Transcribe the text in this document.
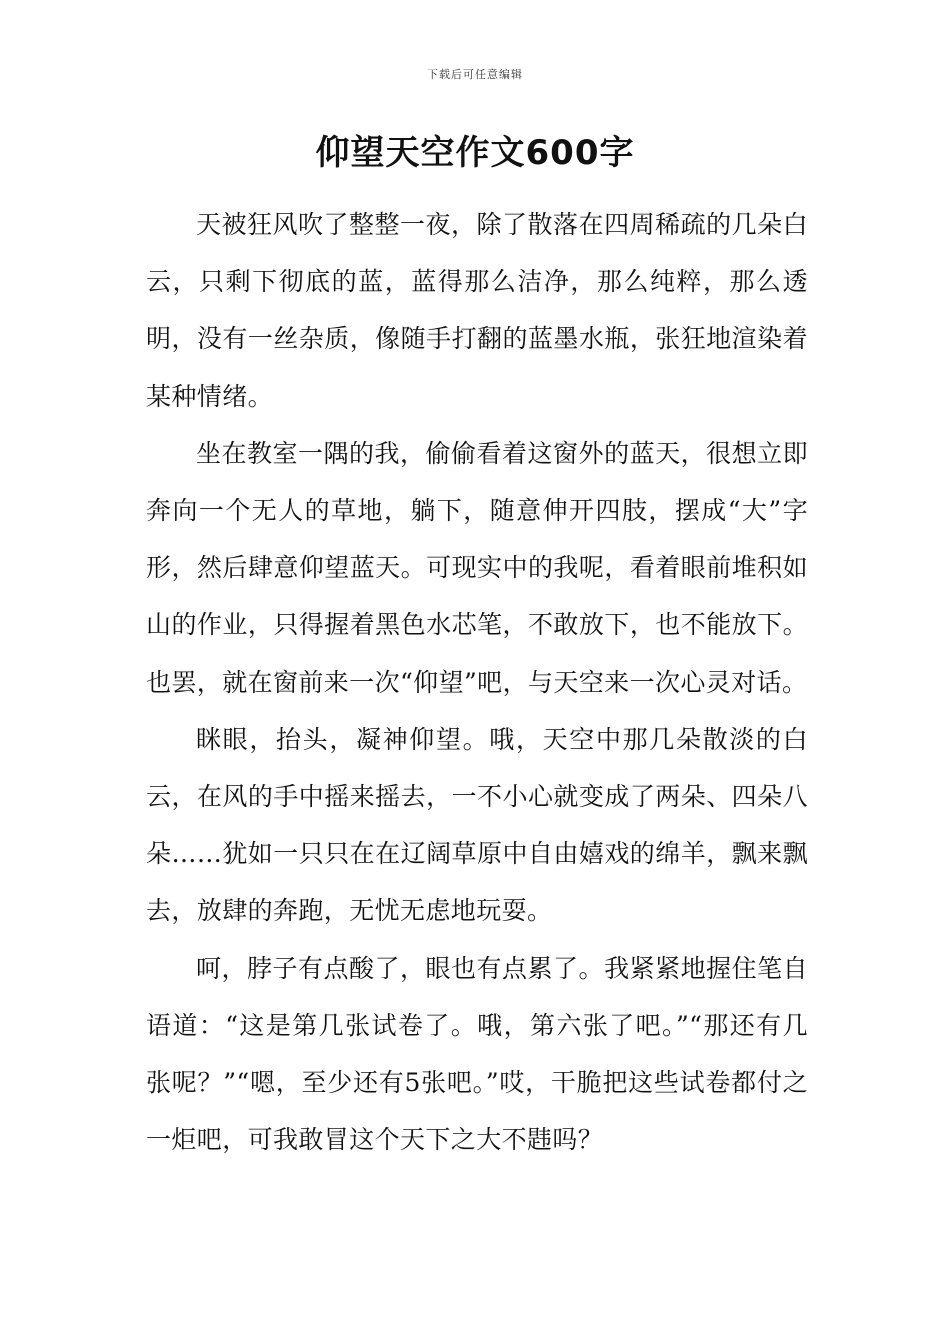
下载后可任意编辑
仰望天空作文600字

天被狂风吹了整整一夜，除了散落在四周稀疏的几朵白云，只剩下彻底的蓝，蓝得那么洁净，那么纯粹，那么透明，没有一丝杂质，像随手打翻的蓝墨水瓶，张狂地渲染着某种情绪。

坐在教室一隅的我，偷偷看着这窗外的蓝天，很想立即奔向一个无人的草地，躺下，随意伸开四肢，摆成“大”字形，然后肆意仰望蓝天。可现实中的我呢，看着眼前堆积如山的作业，只得握着黑色水芯笔，不敢放下，也不能放下。也罢，就在窗前来一次“仰望”吧，与天空来一次心灵对话。

眯眼，抬头，凝神仰望。哦，天空中那几朵散淡的白云，在风的手中摇来摇去，一不小心就变成了两朵、四朵八朵……犹如一只只在在辽阔草原中自由嬉戏的绵羊，飘来飘去，放肆的奔跑，无忧无虑地玩耍。

呵，脖子有点酸了，眼也有点累了。我紧紧地握住笔自语道：“这是第几张试卷了。哦，第六张了吧。”“那还有几张呢？”“嗯，至少还有5张吧。”哎，干脆把这些试卷都付之一炬吧，可我敢冒这个天下之大不韪吗？
